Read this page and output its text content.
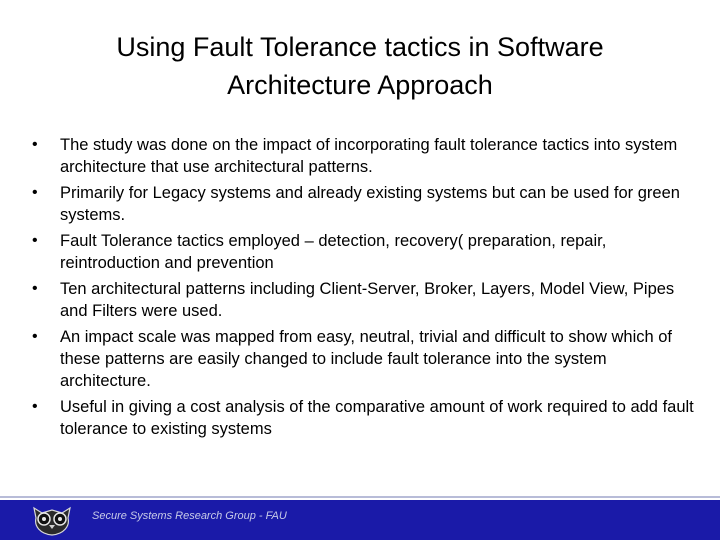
Using Fault Tolerance tactics in Software
Architecture Approach
• The study was done on the impact of incorporating fault tolerance tactics into system architecture that use architectural patterns.
• Primarily for Legacy systems and already existing systems but can be used for green systems.
• Fault Tolerance tactics employed – detection, recovery( preparation, repair, reintroduction and prevention
• Ten architectural patterns including Client-Server, Broker, Layers, Model View, Pipes and Filters were used.
• An impact scale was mapped from easy, neutral, trivial and difficult to show which of these patterns are easily changed to include fault tolerance into the system architecture.
• Useful in giving a cost analysis of the comparative amount of work required to add fault tolerance to existing systems
Secure Systems Research Group - FAU
